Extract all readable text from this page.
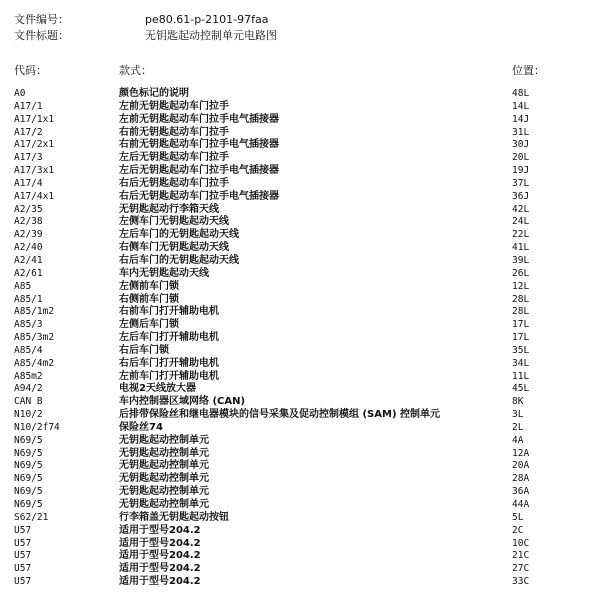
文件编号：	pe80.61-p-2101-97faa
文件标题：	无钥匙起动控制单元电路图
代码：	款式：	位置：
A0	颜色标记的说明	48L
A17/1	左前无钥匙起动车门拉手	14L
A17/1x1	左前无钥匙起动车门拉手电气插接器	14J
A17/2	右前无钥匙起动车门拉手	31L
A17/2x1	右前无钥匙起动车门拉手电气插接器	30J
A17/3	左后无钥匙起动车门拉手	20L
A17/3x1	左后无钥匙起动车门拉手电气插接器	19J
A17/4	右后无钥匙起动车门拉手	37L
A17/4x1	右后无钥匙起动车门拉手电气插接器	36J
A2/35	无钥匙起动行李箱天线	42L
A2/38	左侧车门无钥匙起动天线	24L
A2/39	左后车门的无钥匙起动天线	22L
A2/40	右侧车门无钥匙起动天线	41L
A2/41	右后车门的无钥匙起动天线	39L
A2/61	车内无钥匙起动天线	26L
A85	左侧前车门锁	12L
A85/1	右侧前车门锁	28L
A85/1m2	右前车门打开辅助电机	28L
A85/3	左侧后车门锁	17L
A85/3m2	左后车门打开辅助电机	17L
A85/4	右后车门锁	35L
A85/4m2	右后车门打开辅助电机	34L
A85m2	左前车门打开辅助电机	11L
A94/2	电视2天线放大器	45L
CAN B	车内控制器区域网络 (CAN)	8K
N10/2	后排带保险丝和继电器模块的信号采集及促动控制模组 (SAM) 控制单元	3L
N10/2f74	保险丝74	2L
N69/5	无钥匙起动控制单元	4A
N69/5	无钥匙起动控制单元	12A
N69/5	无钥匙起动控制单元	20A
N69/5	无钥匙起动控制单元	28A
N69/5	无钥匙起动控制单元	36A
N69/5	无钥匙起动控制单元	44A
S62/21	行李箱盖无钥匙起动按钮	5L
U57	适用于型号204.2	2C
U57	适用于型号204.2	10C
U57	适用于型号204.2	21C
U57	适用于型号204.2	27C
U57	适用于型号204.2	33C
